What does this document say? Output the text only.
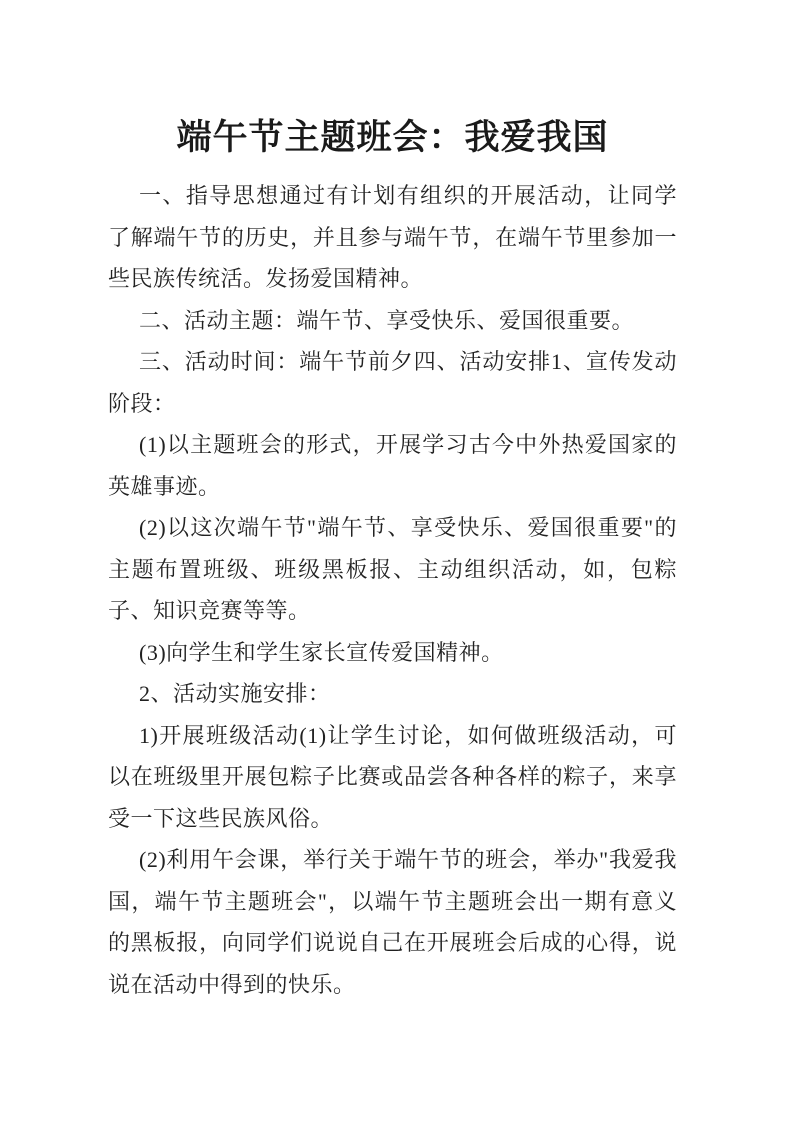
端午节主题班会：我爱我国

一、指导思想通过有计划有组织的开展活动，让同学了解端午节的历史，并且参与端午节，在端午节里参加一些民族传统活。发扬爱国精神。

二、活动主题：端午节、享受快乐、爱国很重要。

三、活动时间：端午节前夕四、活动安排1、宣传发动阶段：

(1)以主题班会的形式，开展学习古今中外热爱国家的英雄事迹。

(2)以这次端午节"端午节、享受快乐、爱国很重要"的主题布置班级、班级黑板报、主动组织活动，如，包粽子、知识竞赛等等。

(3)向学生和学生家长宣传爱国精神。

2、活动实施安排：

1)开展班级活动(1)让学生讨论，如何做班级活动，可以在班级里开展包粽子比赛或品尝各种各样的粽子，来享受一下这些民族风俗。

(2)利用午会课，举行关于端午节的班会，举办"我爱我国，端午节主题班会"，以端午节主题班会出一期有意义的黑板报，向同学们说说自己在开展班会后成的心得，说说在活动中得到的快乐。
